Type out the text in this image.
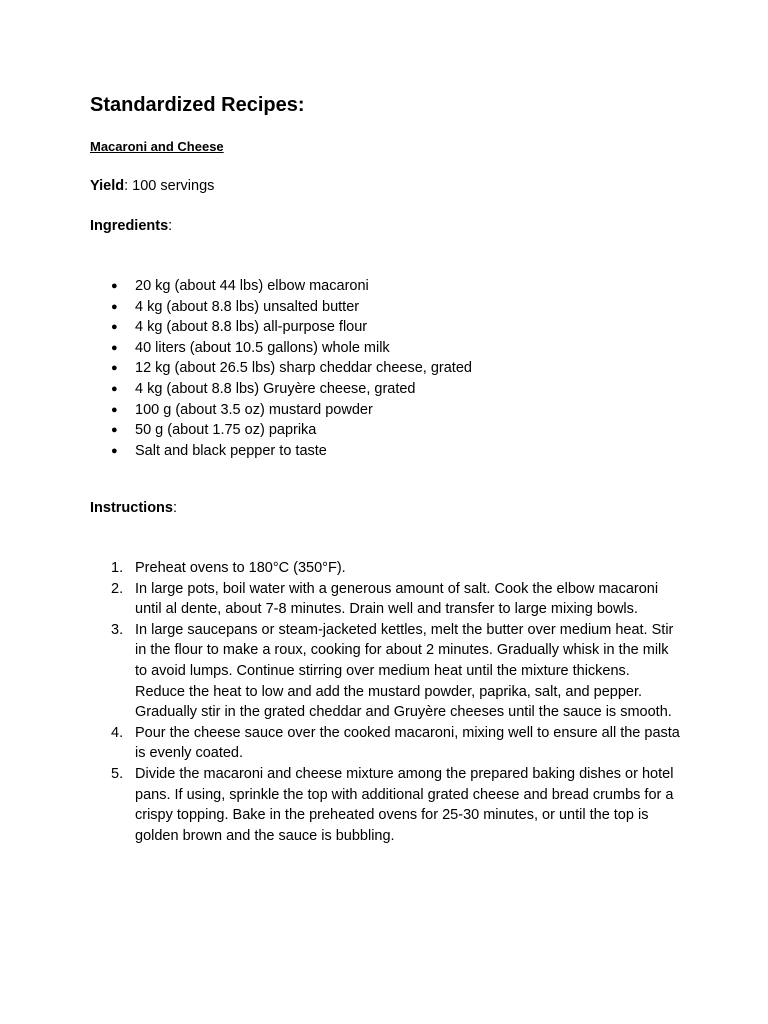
Standardized Recipes:
Macaroni and Cheese
Yield: 100 servings
Ingredients:
● 20 kg (about 44 lbs) elbow macaroni
● 4 kg (about 8.8 lbs) unsalted butter
● 4 kg (about 8.8 lbs) all-purpose flour
● 40 liters (about 10.5 gallons) whole milk
● 12 kg (about 26.5 lbs) sharp cheddar cheese, grated
● 4 kg (about 8.8 lbs) Gruyère cheese, grated
● 100 g (about 3.5 oz) mustard powder
● 50 g (about 1.75 oz) paprika
● Salt and black pepper to taste
Instructions:
1. Preheat ovens to 180°C (350°F).
2. In large pots, boil water with a generous amount of salt. Cook the elbow macaroni until al dente, about 7-8 minutes. Drain well and transfer to large mixing bowls.
3. In large saucepans or steam-jacketed kettles, melt the butter over medium heat. Stir in the flour to make a roux, cooking for about 2 minutes. Gradually whisk in the milk to avoid lumps. Continue stirring over medium heat until the mixture thickens. Reduce the heat to low and add the mustard powder, paprika, salt, and pepper. Gradually stir in the grated cheddar and Gruyère cheeses until the sauce is smooth.
4. Pour the cheese sauce over the cooked macaroni, mixing well to ensure all the pasta is evenly coated.
5. Divide the macaroni and cheese mixture among the prepared baking dishes or hotel pans. If using, sprinkle the top with additional grated cheese and bread crumbs for a crispy topping. Bake in the preheated ovens for 25-30 minutes, or until the top is golden brown and the sauce is bubbling.
